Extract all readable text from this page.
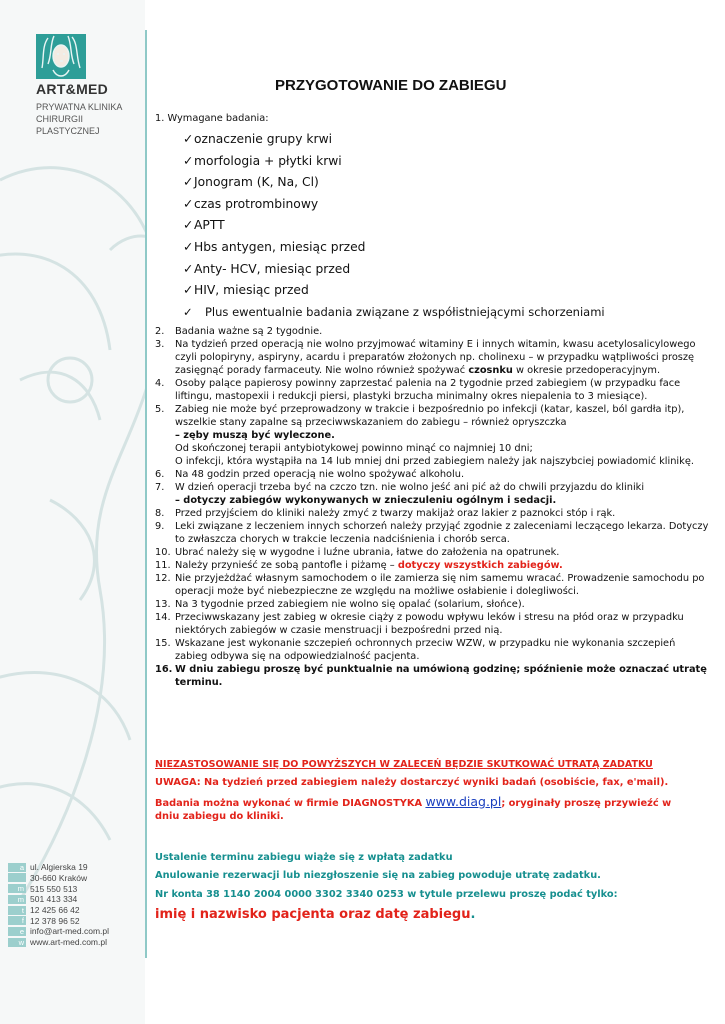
ART&MED
PRYWATNA KLINIKA
CHIRURGII PLASTYCZNEJ
a ul. Algierska 19
30-660 Kraków
m 515 550 513
m 501 413 334
t 12 425 66 42
f 12 378 96 52
e info@art-med.com.pl
w www.art-med.com.pl
PRZYGOTOWANIE DO ZABIEGU
1. Wymagane badania:
✓oznaczenie grupy krwi
✓morfologia + płytki krwi
✓Jonogram (K, Na, Cl)
✓czas protrombinowy
✓APTT
✓Hbs antygen, miesiąc przed
✓Anty- HCV, miesiąc przed
✓HIV, miesiąc przed
✓ Plus ewentualnie badania związane z współistniejącymi schorzeniami
2.	Badania ważne są 2 tygodnie.
3.	Na tydzień przed operacją nie wolno przyjmować witaminy E i innych witamin, kwasu acetylosalicylowego czyli polopiryny, aspiryny, acardu i preparatów złożonych np. cholinexu – w przypadku wątpliwości proszę zasięgnąć porady farmaceuty. Nie wolno również spożywać czosnku w okresie przedoperacyjnym.
4.	Osoby palące papierosy powinny zaprzestać palenia na 2 tygodnie przed zabiegiem (w przypadku face liftingu, mastopexii i redukcji piersi, plastyki brzucha minimalny okres niepalenia to 3 miesiące).
5.	Zabieg nie może być przeprowadzony w trakcie i bezpośrednio po infekcji (katar, kaszel, ból gardła itp), wszelkie stany zapalne są przeciwwskazaniem do zabiegu – również opryszczka
– zęby muszą być wyleczone.
Od skończonej terapii antybiotykowej powinno minąć co najmniej 10 dni;
O infekcji, która wystąpiła na 14 lub mniej dni przed zabiegiem należy jak najszybciej powiadomić klinikę.
6.	Na 48 godzin przed operacją nie wolno spożywać alkoholu.
7.	W dzień operacji trzeba być na czczo tzn. nie wolno jeść ani pić aż do chwili przyjazdu do kliniki
– dotyczy zabiegów wykonywanych w znieczuleniu ogólnym i sedacji.
8.	Przed przyjściem do kliniki należy zmyć z twarzy makijaż oraz lakier z paznokci stóp i rąk.
9.	Leki związane z leczeniem innych schorzeń należy przyjąć zgodnie z zaleceniami leczącego lekarza. Dotyczy to zwłaszcza chorych w trakcie leczenia nadciśnienia i chorób serca.
10. Ubrać należy się w wygodne i luźne ubrania, łatwe do założenia na opatrunek.
11. Należy przynieść ze sobą pantofle i piżamę – dotyczy wszystkich zabiegów.
12. Nie przyjeżdżać własnym samochodem o ile zamierza się nim samemu wracać. Prowadzenie samochodu po operacji może być niebezpieczne ze względu na możliwe osłabienie i dolegliwości.
13. Na 3 tygodnie przed zabiegiem nie wolno się opalać (solarium, słońce).
14. Przeciwwskazany jest zabieg w okresie ciąży z powodu wpływu leków i stresu na płód oraz w przypadku niektórych zabiegów w czasie menstruacji i bezpośredni przed nią.
15. Wskazane jest wykonanie szczepień ochronnych przeciw WZW, w przypadku nie wykonania szczepień zabieg odbywa się na odpowiedzialność pacjenta.
16. W dniu zabiegu proszę być punktualnie na umówioną godzinę; spóźnienie może oznaczać utratę terminu.
NIEZASTOSOWANIE SIĘ DO POWYŻSZYCH W ZALECEŃ BĘDZIE SKUTKOWAĆ UTRATĄ ZADATKU
UWAGA: Na tydzień przed zabiegiem należy dostarczyć wyniki badań (osobiście, fax, e'mail).
Badania można wykonać w firmie DIAGNOSTYKA www.diag.pl; oryginały proszę przywieźć w dniu zabiegu do kliniki.
Ustalenie terminu zabiegu wiąże się z wpłatą zadatku
Anulowanie rezerwacji lub niezgłoszenie się na zabieg powoduje utratę zadatku.
Nr konta 38 1140 2004 0000 3302 3340 0253 w tytule przelewu proszę podać tylko:
imię i nazwisko pacjenta oraz datę zabiegu.
